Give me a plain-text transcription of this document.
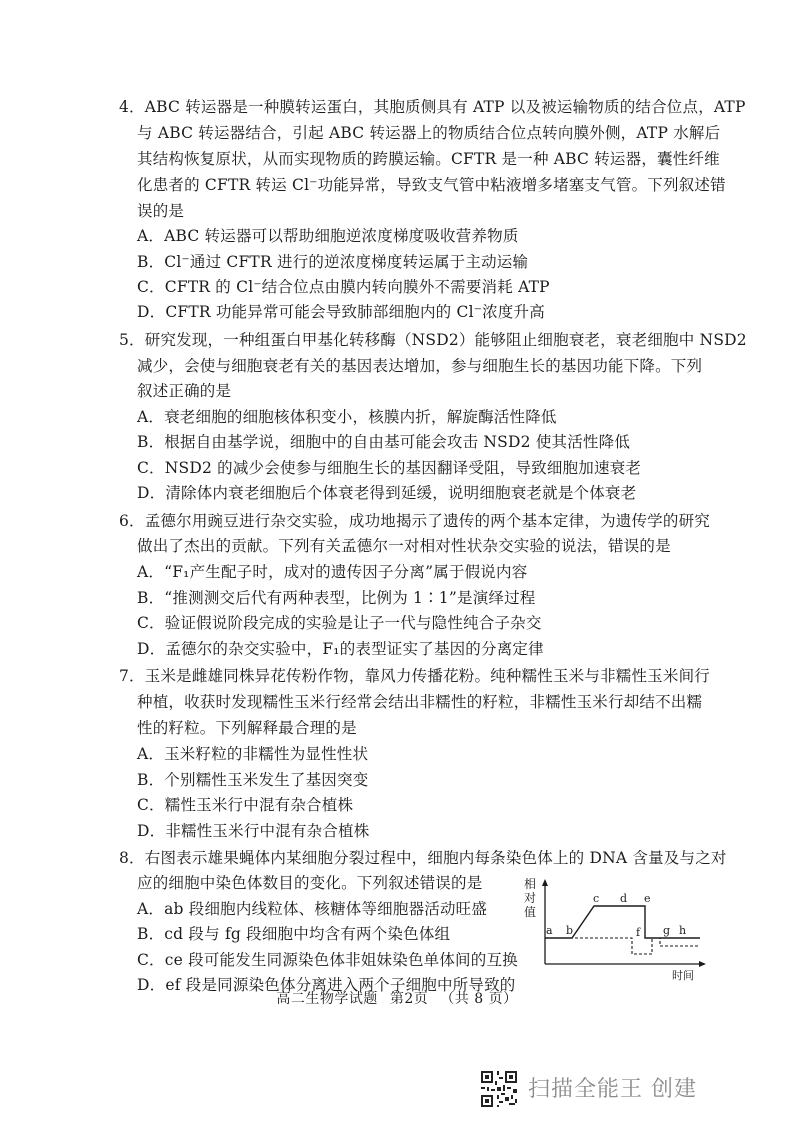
4．ABC 转运器是一种膜转运蛋白，其胞质侧具有 ATP 以及被运输物质的结合位点，ATP
与 ABC 转运器结合，引起 ABC 转运器上的物质结合位点转向膜外侧，ATP 水解后
其结构恢复原状，从而实现物质的跨膜运输。CFTR 是一种 ABC 转运器，囊性纤维
化患者的 CFTR 转运 Cl⁻功能异常，导致支气管中粘液增多堵塞支气管。下列叙述错
误的是
A．ABC 转运器可以帮助细胞逆浓度梯度吸收营养物质
B．Cl⁻通过 CFTR 进行的逆浓度梯度转运属于主动运输
C．CFTR 的 Cl⁻结合位点由膜内转向膜外不需要消耗 ATP
D．CFTR 功能异常可能会导致肺部细胞内的 Cl⁻浓度升高
5．研究发现，一种组蛋白甲基化转移酶（NSD2）能够阻止细胞衰老，衰老细胞中 NSD2
减少，会使与细胞衰老有关的基因表达增加，参与细胞生长的基因功能下降。下列
叙述正确的是
A．衰老细胞的细胞核体积变小，核膜内折，解旋酶活性降低
B．根据自由基学说，细胞中的自由基可能会攻击 NSD2 使其活性降低
C．NSD2 的减少会使参与细胞生长的基因翻译受阻，导致细胞加速衰老
D．清除体内衰老细胞后个体衰老得到延缓，说明细胞衰老就是个体衰老
6．孟德尔用豌豆进行杂交实验，成功地揭示了遗传的两个基本定律，为遗传学的研究
做出了杰出的贡献。下列有关孟德尔一对相对性状杂交实验的说法，错误的是
A．“F₁产生配子时，成对的遗传因子分离”属于假说内容
B．“推测测交后代有两种表型，比例为 1∶1”是演绎过程
C．验证假说阶段完成的实验是让子一代与隐性纯合子杂交
D．孟德尔的杂交实验中，F₁的表型证实了基因的分离定律
7．玉米是雌雄同株异花传粉作物，靠风力传播花粉。纯种糯性玉米与非糯性玉米间行
种植，收获时发现糯性玉米行经常会结出非糯性的籽粒，非糯性玉米行却结不出糯
性的籽粒。下列解释最合理的是
A．玉米籽粒的非糯性为显性性状
B．个别糯性玉米发生了基因突变
C．糯性玉米行中混有杂合植株
D．非糯性玉米行中混有杂合植株
8．右图表示雄果蝇体内某细胞分裂过程中，细胞内每条染色体上的 DNA 含量及与之对
应的细胞中染色体数目的变化。下列叙述错误的是
A．ab 段细胞内线粒体、核糖体等细胞器活动旺盛
B．cd 段与 fg 段细胞中均含有两个染色体组
C．ce 段可能发生同源染色体非姐妹染色单体间的互换
D．ef 段是同源染色体分离进入两个子细胞中所导致的
相
对
值
时间
a b
c d e
f g h
高二生物学试题 第2页 （共 8 页）
扫描全能王 创建
